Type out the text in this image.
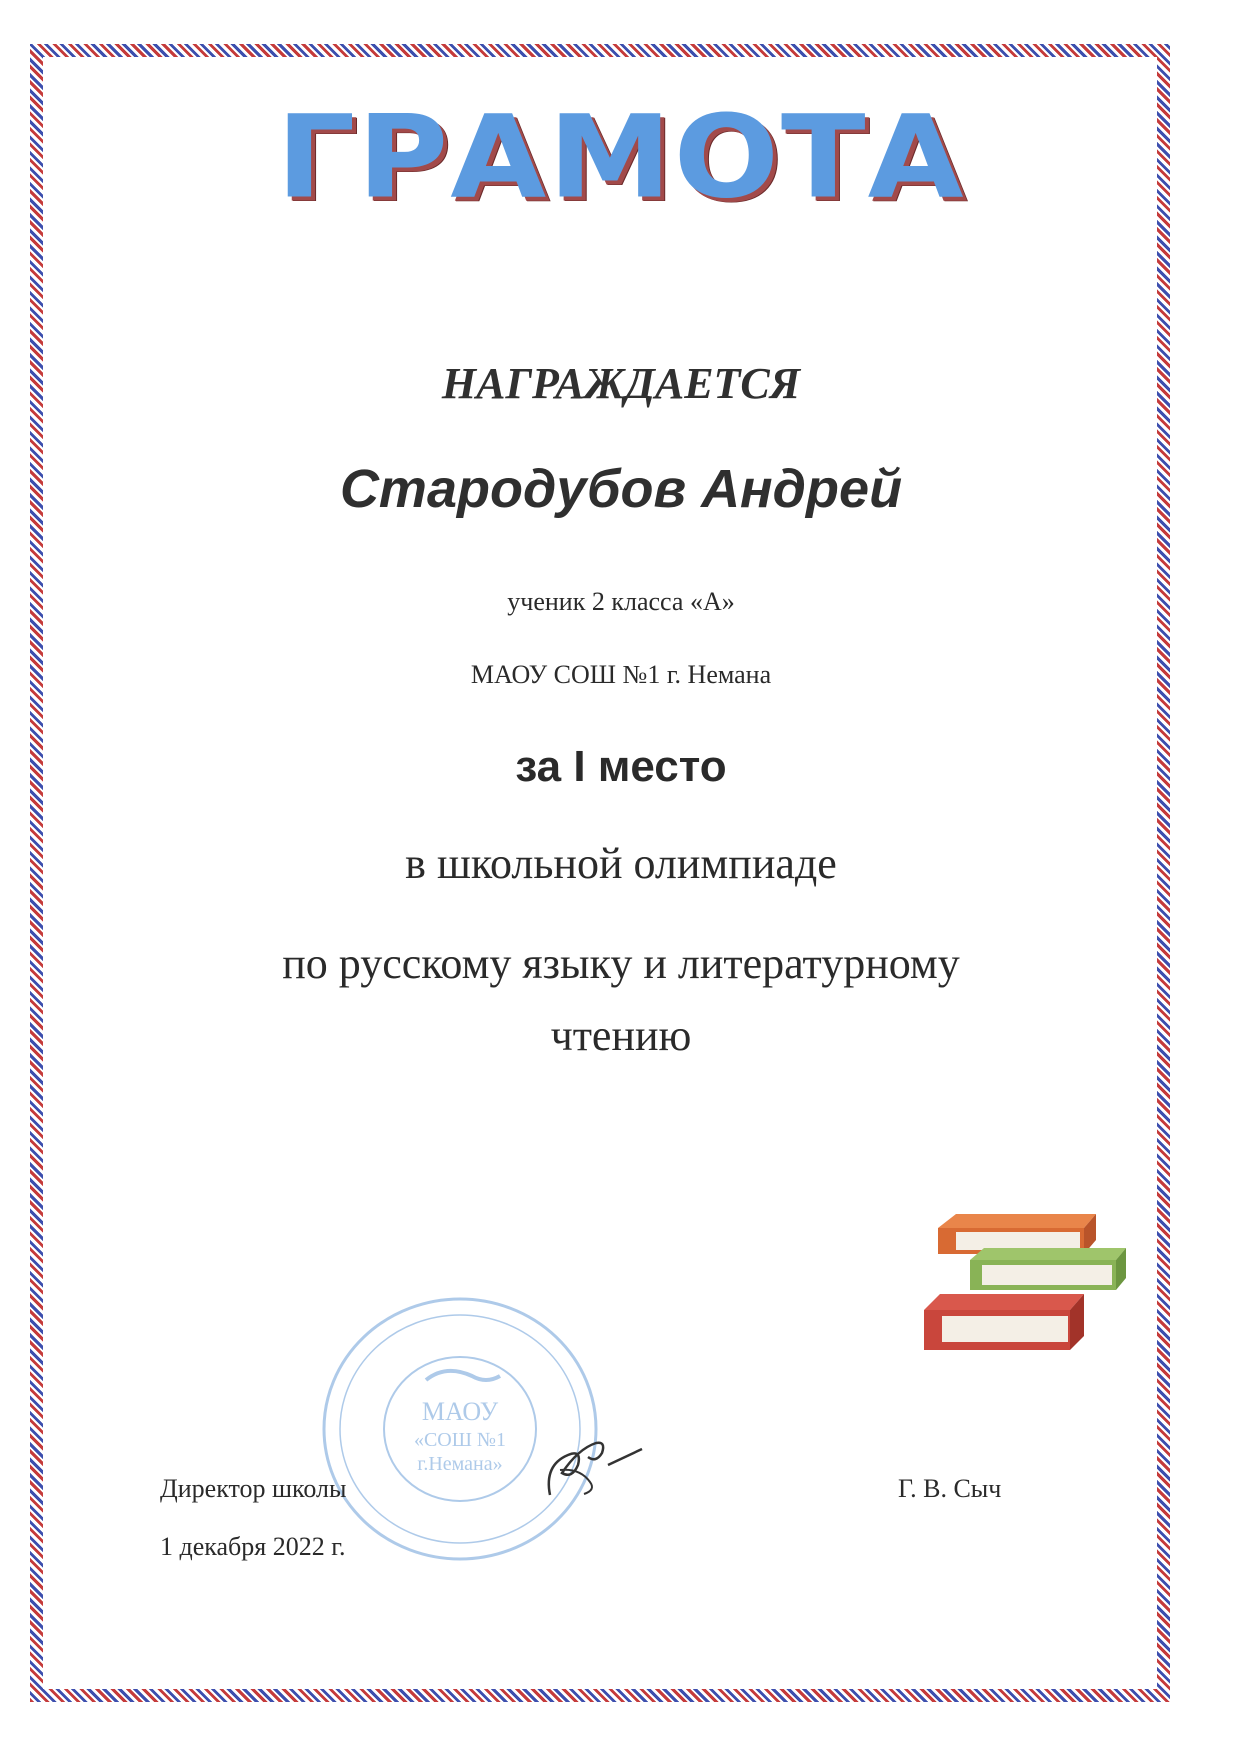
ГРАМОТА
НАГРАЖДАЕТСЯ
Стародубов Андрей
ученик 2 класса «А»
МАОУ СОШ №1 г. Немана
за I место
в школьной олимпиаде
по русскому языку и литературному
чтению
МАОУ
«СОШ №1
г.Немана»
Директор школы
1 декабря 2022 г.
Г. В. Сыч
